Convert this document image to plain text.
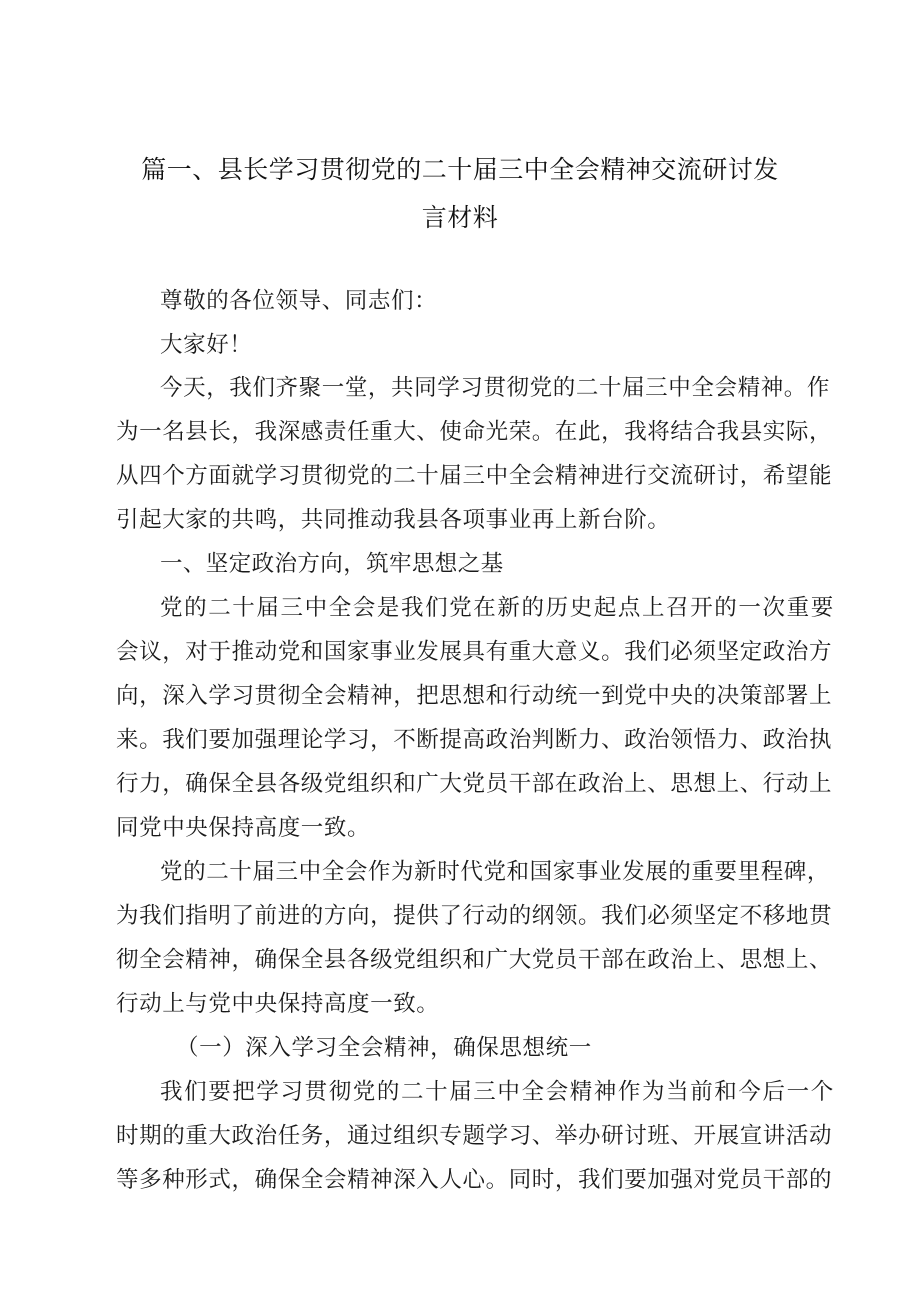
篇一、县长学习贯彻党的二十届三中全会精神交流研讨发
言材料
尊敬的各位领导、同志们：
大家好！
今天，我们齐聚一堂，共同学习贯彻党的二十届三中全会精神。作
为一名县长，我深感责任重大、使命光荣。在此，我将结合我县实际，
从四个方面就学习贯彻党的二十届三中全会精神进行交流研讨，希望能
引起大家的共鸣，共同推动我县各项事业再上新台阶。
一、坚定政治方向，筑牢思想之基
党的二十届三中全会是我们党在新的历史起点上召开的一次重要
会议，对于推动党和国家事业发展具有重大意义。我们必须坚定政治方
向，深入学习贯彻全会精神，把思想和行动统一到党中央的决策部署上
来。我们要加强理论学习，不断提高政治判断力、政治领悟力、政治执
行力，确保全县各级党组织和广大党员干部在政治上、思想上、行动上
同党中央保持高度一致。
党的二十届三中全会作为新时代党和国家事业发展的重要里程碑，
为我们指明了前进的方向，提供了行动的纲领。我们必须坚定不移地贯
彻全会精神，确保全县各级党组织和广大党员干部在政治上、思想上、
行动上与党中央保持高度一致。
（一）深入学习全会精神，确保思想统一
我们要把学习贯彻党的二十届三中全会精神作为当前和今后一个
时期的重大政治任务，通过组织专题学习、举办研讨班、开展宣讲活动
等多种形式，确保全会精神深入人心。同时，我们要加强对党员干部的
